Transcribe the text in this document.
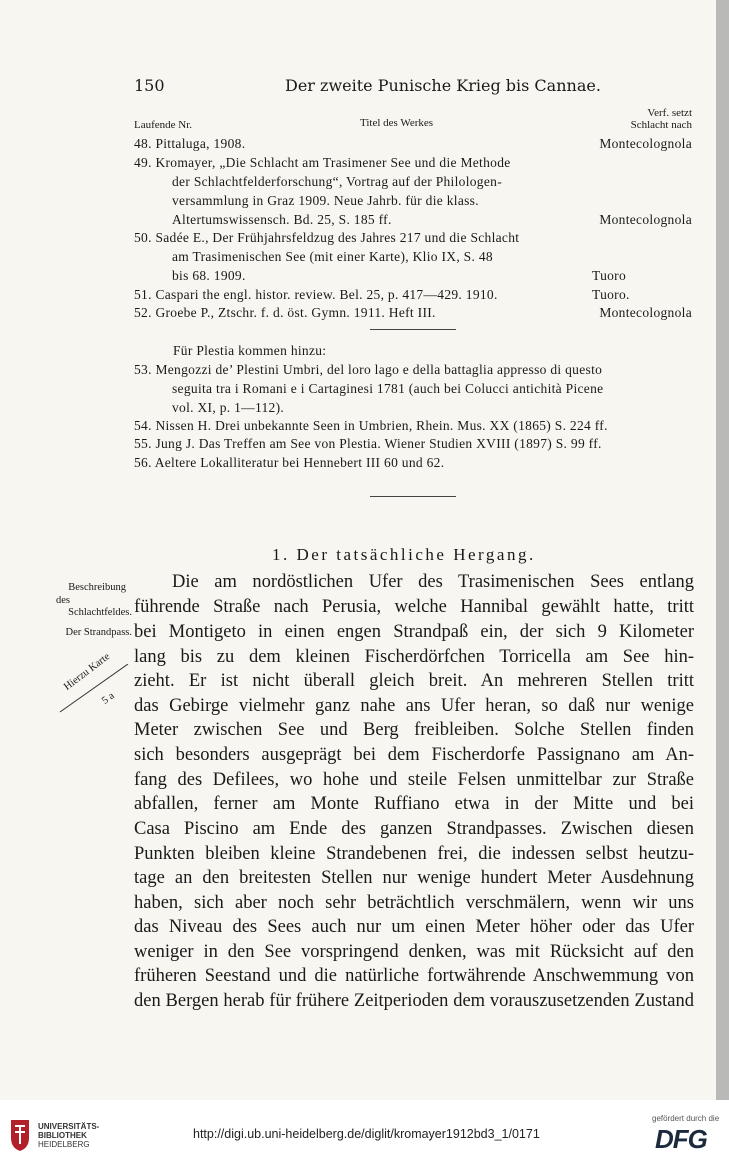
150	Der zweite Punische Krieg bis Cannae.
Laufende Nr.	Titel des Werkes
Verf. setzt
Schlacht nach
48. Pittaluga, 1908.	Montecolognola
49. Kromayer, „Die Schlacht am Trasimener See und die Methode
der Schlachtfelderforschung“, Vortrag auf der Philologen-
versammlung in Graz 1909. Neue Jahrb. für die klass.
Altertumswissensch. Bd. 25, S. 185 ff.	Montecolognola
50. Sadée E., Der Frühjahrsfeldzug des Jahres 217 und die Schlacht
am Trasimenischen See (mit einer Karte), Klio IX, S. 48
bis 68. 1909.	Tuoro
51. Caspari the engl. histor. review. Bel. 25, p. 417—429. 1910.	Tuoro.
52. Groebe P., Ztschr. f. d. öst. Gymn. 1911. Heft III.	Montecolognola
Für Plestia kommen hinzu:
53. Mengozzi de’ Plestini Umbri, del loro lago e della battaglia appresso di questo
seguita tra i Romani e i Cartaginesi 1781 (auch bei Colucci antichità Picene
vol. XI, p. 1—112).
54. Nissen H. Drei unbekannte Seen in Umbrien, Rhein. Mus. XX (1865) S. 224 ff.
55. Jung J. Das Treffen am See von Plestia. Wiener Studien XVIII (1897) S. 99 ff.
56. Aeltere Lokalliteratur bei Hennebert III 60 und 62.
1. Der tatsächliche Hergang.
Beschreibung
des
Schlachtfeldes.
Der Strandpass.
Hierzu Karte
5 a
Die am nordöstlichen Ufer des Trasimenischen Sees entlang
führende Straße nach Perusia, welche Hannibal gewählt hatte, tritt
bei Montigeto in einen engen Strandpaß ein, der sich 9 Kilometer
lang bis zu dem kleinen Fischerdörfchen Torricella am See hin-
zieht. Er ist nicht überall gleich breit. An mehreren Stellen tritt
das Gebirge vielmehr ganz nahe ans Ufer heran, so daß nur wenige
Meter zwischen See und Berg freibleiben. Solche Stellen finden
sich besonders ausgeprägt bei dem Fischerdorfe Passignano am An-
fang des Defilees, wo hohe und steile Felsen unmittelbar zur Straße
abfallen, ferner am Monte Ruffiano etwa in der Mitte und bei
Casa Piscino am Ende des ganzen Strandpasses. Zwischen diesen
Punkten bleiben kleine Strandebenen frei, die indessen selbst heutzu-
tage an den breitesten Stellen nur wenige hundert Meter Ausdehnung
haben, sich aber noch sehr beträchtlich verschmälern, wenn wir uns
das Niveau des Sees auch nur um einen Meter höher oder das Ufer
weniger in den See vorspringend denken, was mit Rücksicht auf den
früheren Seestand und die natürliche fortwährende Anschwemmung von
den Bergen herab für frühere Zeitperioden dem vorauszusetzenden Zustand
UNIVERSITÄTS-
BIBLIOTHEK
HEIDELBERG
http://digi.ub.uni-heidelberg.de/diglit/kromayer1912bd3_1/0171
gefördert durch die
DFG
